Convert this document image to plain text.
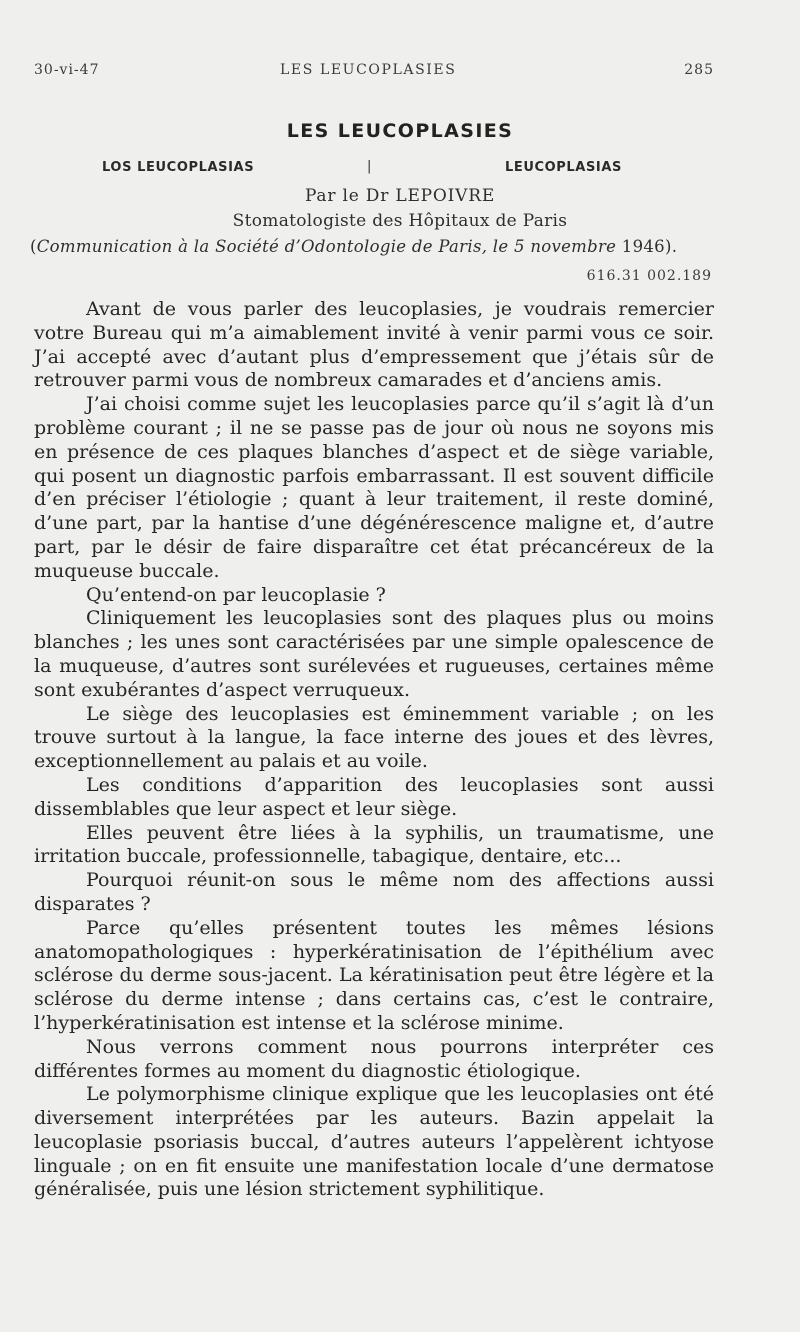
30-vi-47	LES LEUCOPLASIES	285
LES LEUCOPLASIES
LOS LEUCOPLASIAS	|	LEUCOPLASIAS
Par le Dr LEPOIVRE
Stomatologiste des Hôpitaux de Paris
(Communication à la Société d’Odontologie de Paris, le 5 novembre 1946).
616.31 002.189

Avant de vous parler des leucoplasies, je voudrais remercier votre Bureau qui m’a aimablement invité à venir parmi vous ce soir. J’ai accepté avec d’autant plus d’empressement que j’étais sûr de retrouver parmi vous de nombreux camarades et d’anciens amis.

J’ai choisi comme sujet les leucoplasies parce qu’il s’agit là d’un problème courant ; il ne se passe pas de jour où nous ne soyons mis en présence de ces plaques blanches d’aspect et de siège variable, qui posent un diagnostic parfois embarrassant. Il est souvent difficile d’en préciser l’étiologie ; quant à leur traitement, il reste dominé, d’une part, par la hantise d’une dégénérescence maligne et, d’autre part, par le désir de faire disparaître cet état précancéreux de la muqueuse buccale.

Qu’entend-on par leucoplasie ?

Cliniquement les leucoplasies sont des plaques plus ou moins blanches ; les unes sont caractérisées par une simple opalescence de la muqueuse, d’autres sont surélevées et rugueuses, certaines même sont exubérantes d’aspect verruqueux.

Le siège des leucoplasies est éminemment variable ; on les trouve surtout à la langue, la face interne des joues et des lèvres, exceptionnellement au palais et au voile.

Les conditions d’apparition des leucoplasies sont aussi dissemblables que leur aspect et leur siège.

Elles peuvent être liées à la syphilis, un traumatisme, une irritation buccale, professionnelle, tabagique, dentaire, etc...

Pourquoi réunit-on sous le même nom des affections aussi disparates ?

Parce qu’elles présentent toutes les mêmes lésions anatomopathologiques : hyperkératinisation de l’épithélium avec sclérose du derme sous-jacent. La kératinisation peut être légère et la sclérose du derme intense ; dans certains cas, c’est le contraire, l’hyperkératinisation est intense et la sclérose minime.

Nous verrons comment nous pourrons interpréter ces différentes formes au moment du diagnostic étiologique.

Le polymorphisme clinique explique que les leucoplasies ont été diversement interprétées par les auteurs. Bazin appelait la leucoplasie psoriasis buccal, d’autres auteurs l’appelèrent ichtyose linguale ; on en fit ensuite une manifestation locale d’une dermatose généralisée, puis une lésion strictement syphilitique.
